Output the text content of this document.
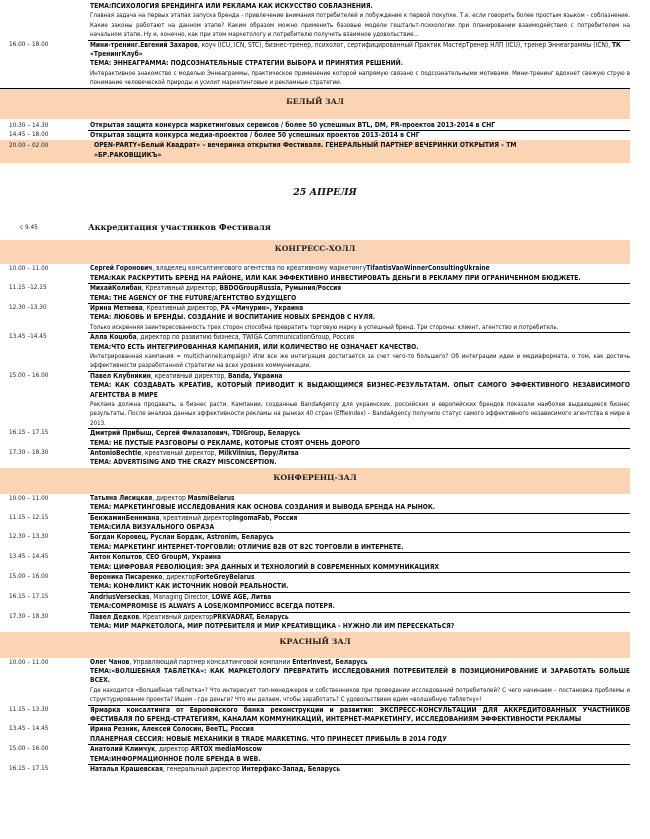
ТЕМА:ПСИХОЛОГИЯ БРЕНДИНГА ИЛИ РЕКЛАМА КАК ИСКУССТВО СОБЛАЗНЕНИЯ.
Главная задача на первых этапах запуска бренда - привлечение внимания потребителей и побуждение к первой покупке. Т.е. если говорить более простым языком - соблазнение. Какие законы работают на данном этапе? Каким образом можно применить базовые модели гештальт-психологии при планировании взаимодействия с потребителем на начальном этапе. Ну и, конечно, как при этом маркетологу и потребителю получить взаимное удовольствие...
16.00 – 18.00	Мини-тренинг.Евгений Захаров, коуч (ICU, ICN, STC), бизнес-тренер, психолог, сертифицированный Практик МастерТренер НЛП (ICU), тренер Эннеаграммы (ICN), ТК «ТренингКлуб»
ТЕМА: ЭННЕАГРАММА: ПОДСОЗНАТЕЛЬНЫЕ СТРАТЕГИИ ВЫБОРА И ПРИНЯТИЯ РЕШЕНИЙ.
Интерактивное знакомство с моделью Эннеаграммы, практическое применение которой напрямую связано с подсознательными мотивами. Мини-тренинг вдохнет свежую струю в понимание человеческой природы и усилит маркетинговые и рекламные стратегии.
БЕЛЫЙ ЗАЛ
10.30 – 14.30	Открытая защита конкурса маркетинговых сервисов / более 50 успешных BTL, DM, PR-проектов 2013-2014 в СНГ
14.45 – 18.00	Открытая защита конкурса медиа-проектов / более 50 успешных проектов 2013-2014 в СНГ
20.00 – 02.00	OPEN-PARTY«Белый Квадрат» – вечеринка открытия Фестиваля. ГЕНЕРАЛЬНЫЙ ПАРТНЕР ВЕЧЕРИНКИ ОТКРЫТИЯ – ТМ «БР.РАКОВЩИКЪ»
25 АПРЕЛЯ
с 9.45	Аккредитация участников Фестиваля
КОНГРЕСС-ХОЛЛ
10.00 – 11.00	Сергей Горонович, владелец консалтингового агентства по креативному маркетингуTifantisVanWinnerConsultingUkraine
ТЕМА:КАК РАСКРУТИТЬ БРЕНД НА РАЙОНЕ, ИЛИ КАК ЭФФЕКТИВНО ИНВЕСТИРОВАТЬ ДЕНЬГИ В РЕКЛАМУ ПРИ ОГРАНИЧЕННОМ БЮДЖЕТЕ.
11.15 –12.15	МихайКолибан, Креативный директор, BBDOGroupRussia, Румыния/Россия
ТЕМА: THE AGENCY OF THE FUTURE/АГЕНТСТВО БУДУЩЕГО
12.30 –13.30	Ирина Метнева, Креативный директор, РА «Мичурин», Украина
ТЕМА: ЛЮБОВЬ И БРЕНДЫ. СОЗДАНИЕ И ВОСПИТАНИЕ НОВЫХ БРЕНДОВ С НУЛЯ.
Только искренняя заинтересованность трех сторон способна превратить торговую марку в успешный бренд. Три стороны: клиент, агентство и потребитель.
13.45 –14.45	Алла Коцюба, директор по развитию бизнеса, TWIGA CommunicationGroup, Россия
ТЕМА:ЧТО ЕСТЬ ИНТЕГРИРОВАННАЯ КАМПАНИЯ, ИЛИ КОЛИЧЕСТВО НЕ ОЗНАЧАЕТ КАЧЕСТВО.
Интегрированная кампания = multichannelcampaign? Или все же интеграция достигается за счет чего-то большего? Об интеграции идеи и медиаформата, о том, как достичь эффективности разработанной стратегии на всех уровнях коммуникации.
15.00 – 16.00	Павел Клубникин, креативный директор, Banda, Украина
ТЕМА: КАК СОЗДАВАТЬ КРЕАТИВ, КОТОРЫЙ ПРИВОДИТ К ВЫДАЮЩИМСЯ БИЗНЕС-РЕЗУЛЬТАТАМ. ОПЫТ САМОГО ЭФФЕКТИВНОГО НЕЗАВИСИМОГО АГЕНТСТВА В МИРЕ
Реклама должна продавать, а бизнес расти. Кампании, созданные BandaAgency для украинских, российских и европейских брендов показали наиболее выдающиеся бизнес результаты. После анализа данных эффективности рекламы на рынках 40 стран (EffieIndex) – BandaAgency получило статус самого эффективного независимого агентства в мире в 2013.
16.15 – 17.15	Дмитрий Прибыш, Сергей Филазапович, TDIGroup, Беларусь
ТЕМА: НЕ ПУСТЫЕ РАЗГОВОРЫ О РЕКЛАМЕ, КОТОРЫЕ СТОЯТ ОЧЕНЬ ДОРОГО
17.30 – 18.30	AntonioBechtle, креативный директор, MilkVilnius, Перу/Литва
ТЕМА: ADVERTISING AND THE CRAZY MISCONCEPTION.
КОНФЕРЕНЦ-ЗАЛ
10.00 – 11.00	Татьяна Лисицкая, директор MasmiBelarus
ТЕМА: МАРКЕТИНГОВЫЕ ИССЛЕДОВАНИЯ КАК ОСНОВА СОЗДАНИЯ И ВЫВОДА БРЕНДА НА РЫНОК.
11.15 – 12.15	БенжаминБеннмана, креативный директорIngomaFab, Россия
ТЕМА:СИЛА ВИЗУАЛЬНОГО ОБРАЗА
12.30 – 13.30	Богдан Коровец, Руслан Бордак, Astronim, Беларусь
ТЕМА: МАРКЕТИНГ ИНТЕРНЕТ-ТОРГОВЛИ: ОТЛИЧИЕ B2B ОТ B2C ТОРГОВЛИ В ИНТЕРНЕТЕ.
13.45 – 14.45	Антон Копытов, CEO GroupM, Украина
ТЕМА: ЦИФРОВАЯ РЕВОЛЮЦИЯ: ЭРА ДАННЫХ И ТЕХНОЛОГИЙ В СОВРЕМЕННЫХ КОММУНИКАЦИЯХ
15.00 – 16.00	Вероника Писаренко, директорForteGreyBelarus
ТЕМА: КОНФЛИКТ КАК ИСТОЧНИК НОВОЙ РЕАЛЬНОСТИ.
16.15 – 17.15	AndriusVerseckas, Managing Director, LOWE AGE, Литва
ТЕМА:COMPROMISE IS ALWAYS A LOSE/КОМПРОМИСС ВСЕГДА ПОТЕРЯ.
17.30 – 18.30	Павел Дедков, Креативный директорPRKVADRAT, Беларусь
ТЕМА: МИР МАРКЕТОЛОГА, МИР ПОТРЕБИТЕЛЯ И МИР КРЕАТИВЩИКА - НУЖНО ЛИ ИМ ПЕРЕСЕКАТЬСЯ?
КРАСНЫЙ ЗАЛ
10.00 – 11.00	Олег Чанов, Управляющий партнер консалтинговой компании EnterInvest, Беларусь
ТЕМА:«ВОЛШЕБНАЯ ТАБЛЕТКА»: КАК МАРКЕТОЛОГУ ПРЕВРАТИТЬ ИССЛЕДОВАНИЯ ПОТРЕБИТЕЛЕЙ В ПОЗИЦИОНИРОВАНИЕ И ЗАРАБОТАТЬ БОЛЬШЕ ВСЕХ.
Где находится «Волшебная таблетка»? Что интересует топ-менеджеров и собственников при проведении исследований потребителей? С чего начинаем – постановка проблемы и структурирование проекта? Ищем - где деньги? Что мы делаем, чтобы заработать? С удовольствием едим «волшебную таблетку»!
11.15 – 13.30	Ярмарка консалтинга от Европейского банка реконструкции и развития: ЭКСПРЕСС-КОНСУЛЬТАЦИИ ДЛЯ АККРЕДИТОВАННЫХ УЧАСТНИКОВ ФЕСТИВАЛЯ ПО БРЕНД-СТРАТЕГИЯМ, КАНАЛАМ КОММУНИКАЦИЙ, ИНТЕРНЕТ-МАРКЕТИНГУ, ИССЛЕДОВАНИЯМ ЭФФЕКТИВНОСТИ РЕКЛАМЫ
13.45 – 14.45	Ирина Резник, Алексей Солосин, BeeTL, Россия
ПЛАНЕРНАЯ СЕССИЯ: НОВЫЕ МЕХАНИКИ В TRADE MARKETING. ЧТО ПРИНЕСЕТ ПРИБЫЛЬ В 2014 ГОДУ
15.00 – 16.00	Анатолий Климчук, директор ARTOX mediaMoscow
ТЕМА:ИНФОРМАЦИОННОЕ ПОЛЕ БРЕНДА В WEB.
16.15 – 17.15	Наталья Крашевская, генеральный директор Интерфакс-Запад, Беларусь
